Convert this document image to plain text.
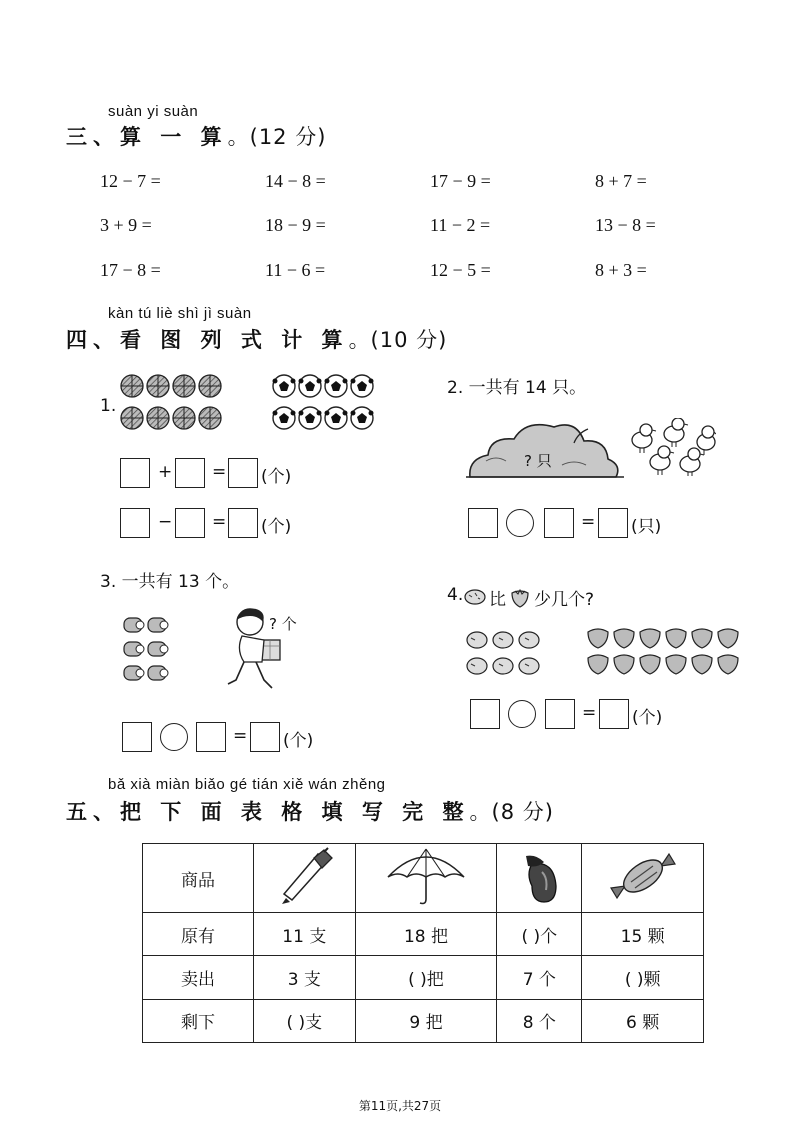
suàn yi suàn
三、算 一 算。(12 分)
12 − 7 =	14 − 8 =	17 − 9 =	8 + 7 =
3 + 9 =	18 − 9 =	11 − 2 =	13 − 8 =
17 − 8 =	11 − 6 =	12 − 5 =	8 + 3 =
kàn tú liè shì jì suàn
四、看 图 列 式 计 算。(10 分)
1.
+ = (个)
− = (个)
2. 一共有 14 只。
? 只
= (只)
3. 一共有 13 个。
? 个
= (个)
4. 比 少几个?
= (个)
bǎ xià miàn biǎo gé tián xiě wán zhěng
五、把 下 面 表 格 填 写 完 整。(8 分)
商品				
原有	11 支	18 把	( )个	15 颗
卖出	3 支	( )把	7 个	( )颗
剩下	( )支	9 把	8 个	6 颗
第11页,共27页
